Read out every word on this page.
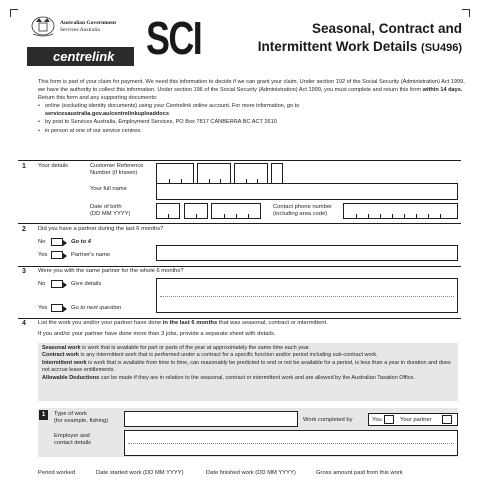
Australian Government
Services Australia
centrelink SCI	Seasonal, Contract and
Intermittent Work Details (SU496)

This form is part of your claim for payment. We need this information to decide if we can grant your claim. Under section 192 of the Social Security (Administration) Act 1999, we have the authority to collect this information. Under section 196 of the Social Security (Administration) Act 1999, you must complete and return this form within 14 days.

Return this form and any supporting documents:

• online (excluding identity documents) using your Centrelink online account. For more information, go to
servicesaustralia.gov.au/centrelinkuploaddocs
• by post to Services Australia, Employment Services, PO Box 7817 CANBERRA BC ACT 2610
• in person at one of our service centres.
1 Your details	Customer Reference
Number (if known)
Your full name
Date of birth
(DD MM YYYY)
Contact phone number
(including area code)
2 Did you have a partner during the last 6 months?
No	Go to 4
Yes	Partner's name
3 Were you with the same partner for the whole 6 months?
No	Give details
Yes	Go to next question
4 List the work you and/or your partner have done in the last 6 months that was seasonal, contract or intermittent.
If you and/or your partner have done more than 3 jobs, provide a separate sheet with details.
Seasonal work is work that is available for part or parts of the year at approximately the same time each year.
Contract work is any intermittent work that is performed under a contract for a specific function and/or period including sub-contract work.
Intermittent work is work that is available from time to time, can reasonably be predicted to end or not be available for a period, is less than a year in duration and does not accrue leave entitlements.
Allowable Deductions can be made if they are in relation to the seasonal, contract or intermittent work and are allowed by the Australian Taxation Office.
1	Type of work
(for example, fishing)	Work completed by	You	Your partner
Employer and
contact details
Period worked	Date started work (DD MM YYYY)	Date finished work (DD MM YYYY)	Gross amount paid from this work
